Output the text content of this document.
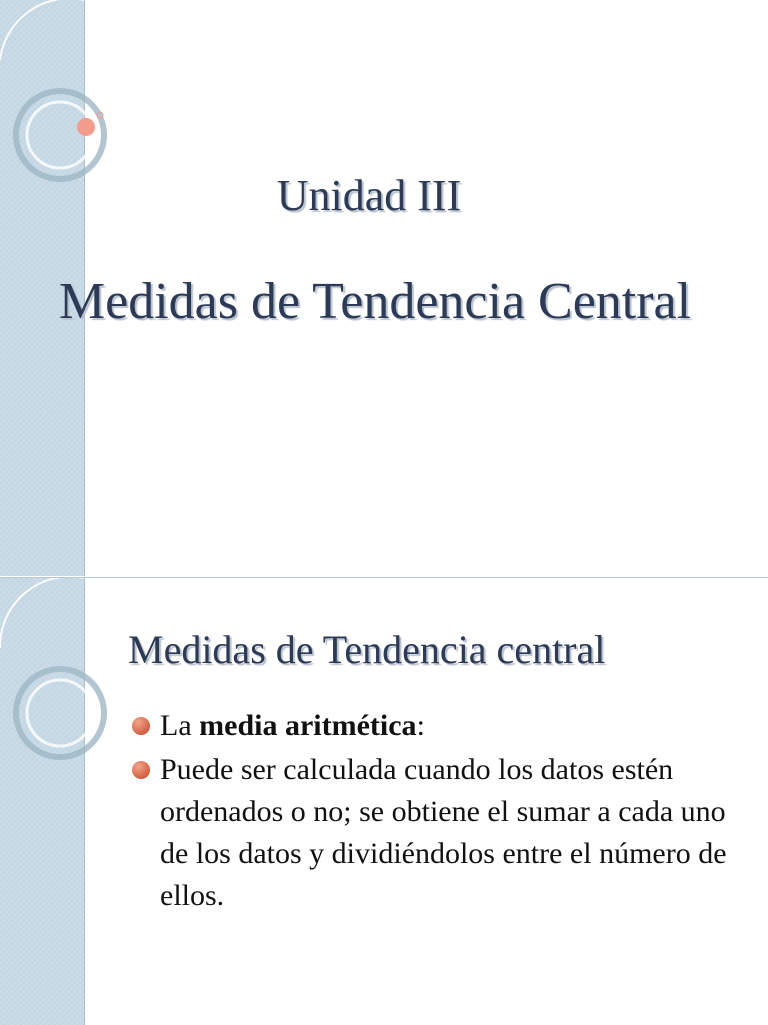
Unidad III
Medidas de Tendencia Central
Medidas de Tendencia central
La media aritmética:
Puede ser calculada cuando los datos estén ordenados o no; se obtiene el sumar a cada uno de los datos y dividiéndolos entre el número de ellos.
